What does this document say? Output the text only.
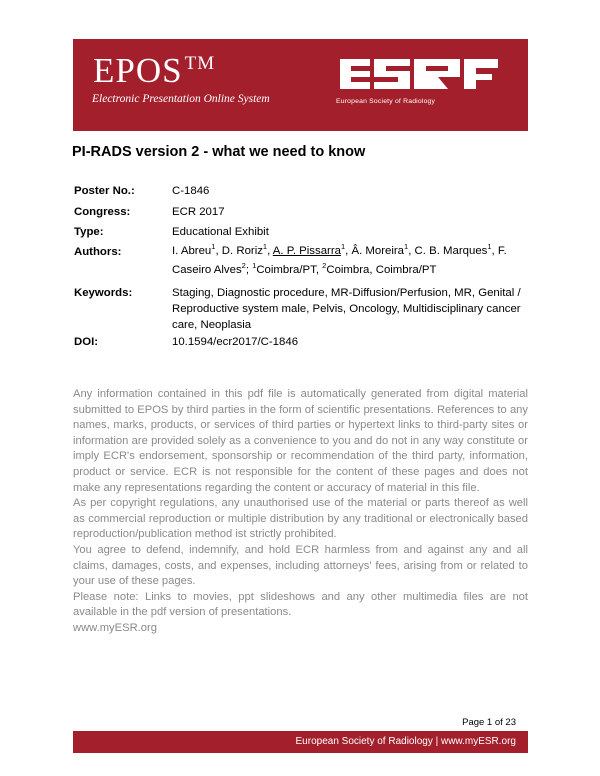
EPOS ™
Electronic Presentation Online System	European Society of Radiology
PI-RADS version 2 - what we need to know
Poster No.:	C-1846
Congress:	ECR 2017
Type:	Educational Exhibit
Authors:	I. Abreu$^1$, D. Roriz$^1$, A. P. Pissarra$^1$, Â. Moreira$^1$, C. B. Marques$^1$, F. Caseiro Alves$^2$; $^1$Coimbra/PT, $^2$Coimbra, Coimbra/PT
Keywords:	Staging, Diagnostic procedure, MR-Diffusion/Perfusion, MR, Genital / Reproductive system male, Pelvis, Oncology, Multidisciplinary cancer care, Neoplasia
DOI:	10.1594/ecr2017/C-1846

Any information contained in this pdf file is automatically generated from digital material submitted to EPOS by third parties in the form of scientific presentations. References to any names, marks, products, or services of third parties or hypertext links to third-party sites or information are provided solely as a convenience to you and do not in any way constitute or imply ECR's endorsement, sponsorship or recommendation of the third party, information, product or service. ECR is not responsible for the content of these pages and does not make any representations regarding the content or accuracy of material in this file.

As per copyright regulations, any unauthorised use of the material or parts thereof as well as commercial reproduction or multiple distribution by any traditional or electronically based reproduction/publication method ist strictly prohibited.

You agree to defend, indemnify, and hold ECR harmless from and against any and all claims, damages, costs, and expenses, including attorneys' fees, arising from or related to your use of these pages.

Please note: Links to movies, ppt slideshows and any other multimedia files are not available in the pdf version of presentations.

www.myESR.org

Page 1 of 23
European Society of Radiology | www.myESR.org
